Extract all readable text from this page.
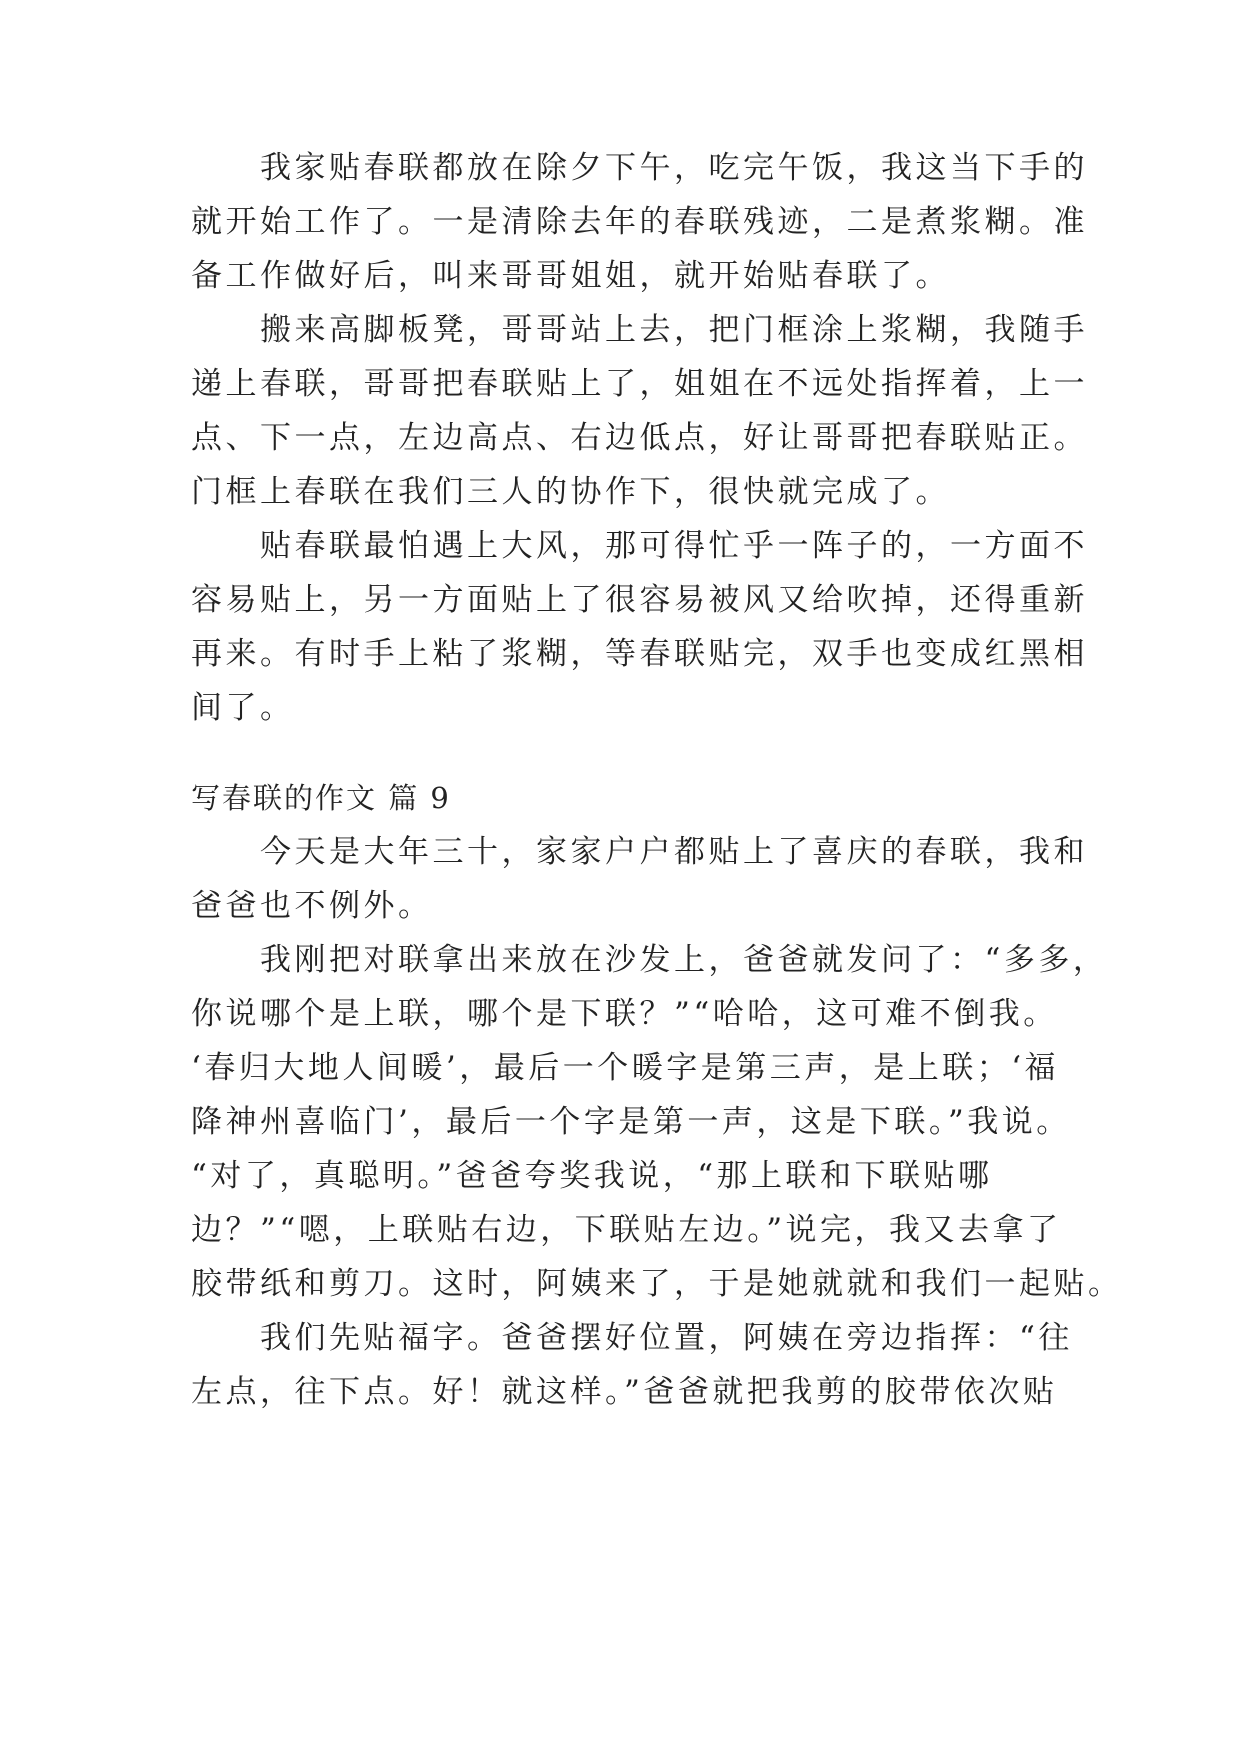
　　我家贴春联都放在除夕下午，吃完午饭，我这当下手的
就开始工作了。一是清除去年的春联残迹，二是煮浆糊。准
备工作做好后，叫来哥哥姐姐，就开始贴春联了。
　　搬来高脚板凳，哥哥站上去，把门框涂上浆糊，我随手
递上春联，哥哥把春联贴上了，姐姐在不远处指挥着，上一
点、下一点，左边高点、右边低点，好让哥哥把春联贴正。
门框上春联在我们三人的协作下，很快就完成了。
　　贴春联最怕遇上大风，那可得忙乎一阵子的，一方面不
容易贴上，另一方面贴上了很容易被风又给吹掉，还得重新
再来。有时手上粘了浆糊，等春联贴完，双手也变成红黑相
间了。
写春联的作文 篇 9
　　今天是大年三十，家家户户都贴上了喜庆的春联，我和
爸爸也不例外。
　　我刚把对联拿出来放在沙发上，爸爸就发问了：“多多，
你说哪个是上联，哪个是下联？”“哈哈，这可难不倒我。
‘春归大地人间暖’，最后一个暖字是第三声，是上联；‘福
降神州喜临门’，最后一个字是第一声，这是下联。”我说。
“对了，真聪明。”爸爸夸奖我说，“那上联和下联贴哪
边？”“嗯，上联贴右边，下联贴左边。”说完，我又去拿了
胶带纸和剪刀。这时，阿姨来了，于是她就就和我们一起贴。
　　我们先贴福字。爸爸摆好位置，阿姨在旁边指挥：“往
左点，往下点。好！就这样。”爸爸就把我剪的胶带依次贴
